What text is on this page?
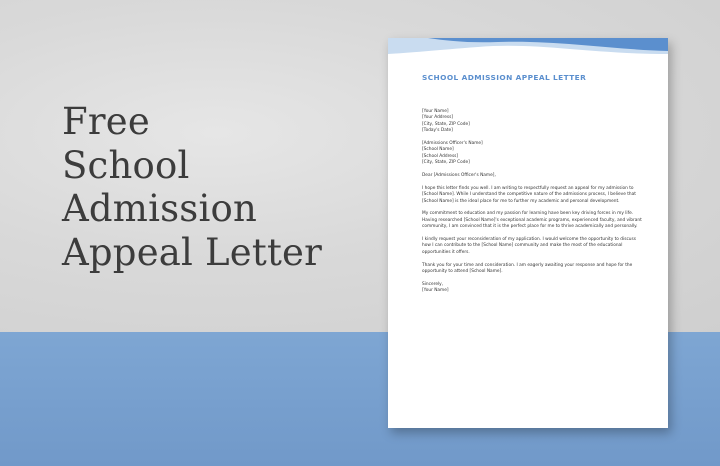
Free
School
Admission
Appeal Letter
SCHOOL ADMISSION APPEAL LETTER
[Your Name]
[Your Address]
[City, State, ZIP Code]
[Today's Date]
[Admissions Officer's Name]
[School Name]
[School Address]
[City, State, ZIP Code]
Dear [Admissions Officer's Name],
I hope this letter finds you well. I am writing to respectfully request an appeal for my admission to [School Name]. While I understand the competitive nature of the admissions process, I believe that [School Name] is the ideal place for me to further my academic and personal development.
My commitment to education and my passion for learning have been key driving forces in my life. Having researched [School Name]'s exceptional academic programs, experienced faculty, and vibrant community, I am convinced that it is the perfect place for me to thrive academically and personally.
I kindly request your reconsideration of my application. I would welcome the opportunity to discuss how I can contribute to the [School Name] community and make the most of the educational opportunities it offers.
Thank you for your time and consideration. I am eagerly awaiting your response and hope for the opportunity to attend [School Name].
Sincerely,
[Your Name]
